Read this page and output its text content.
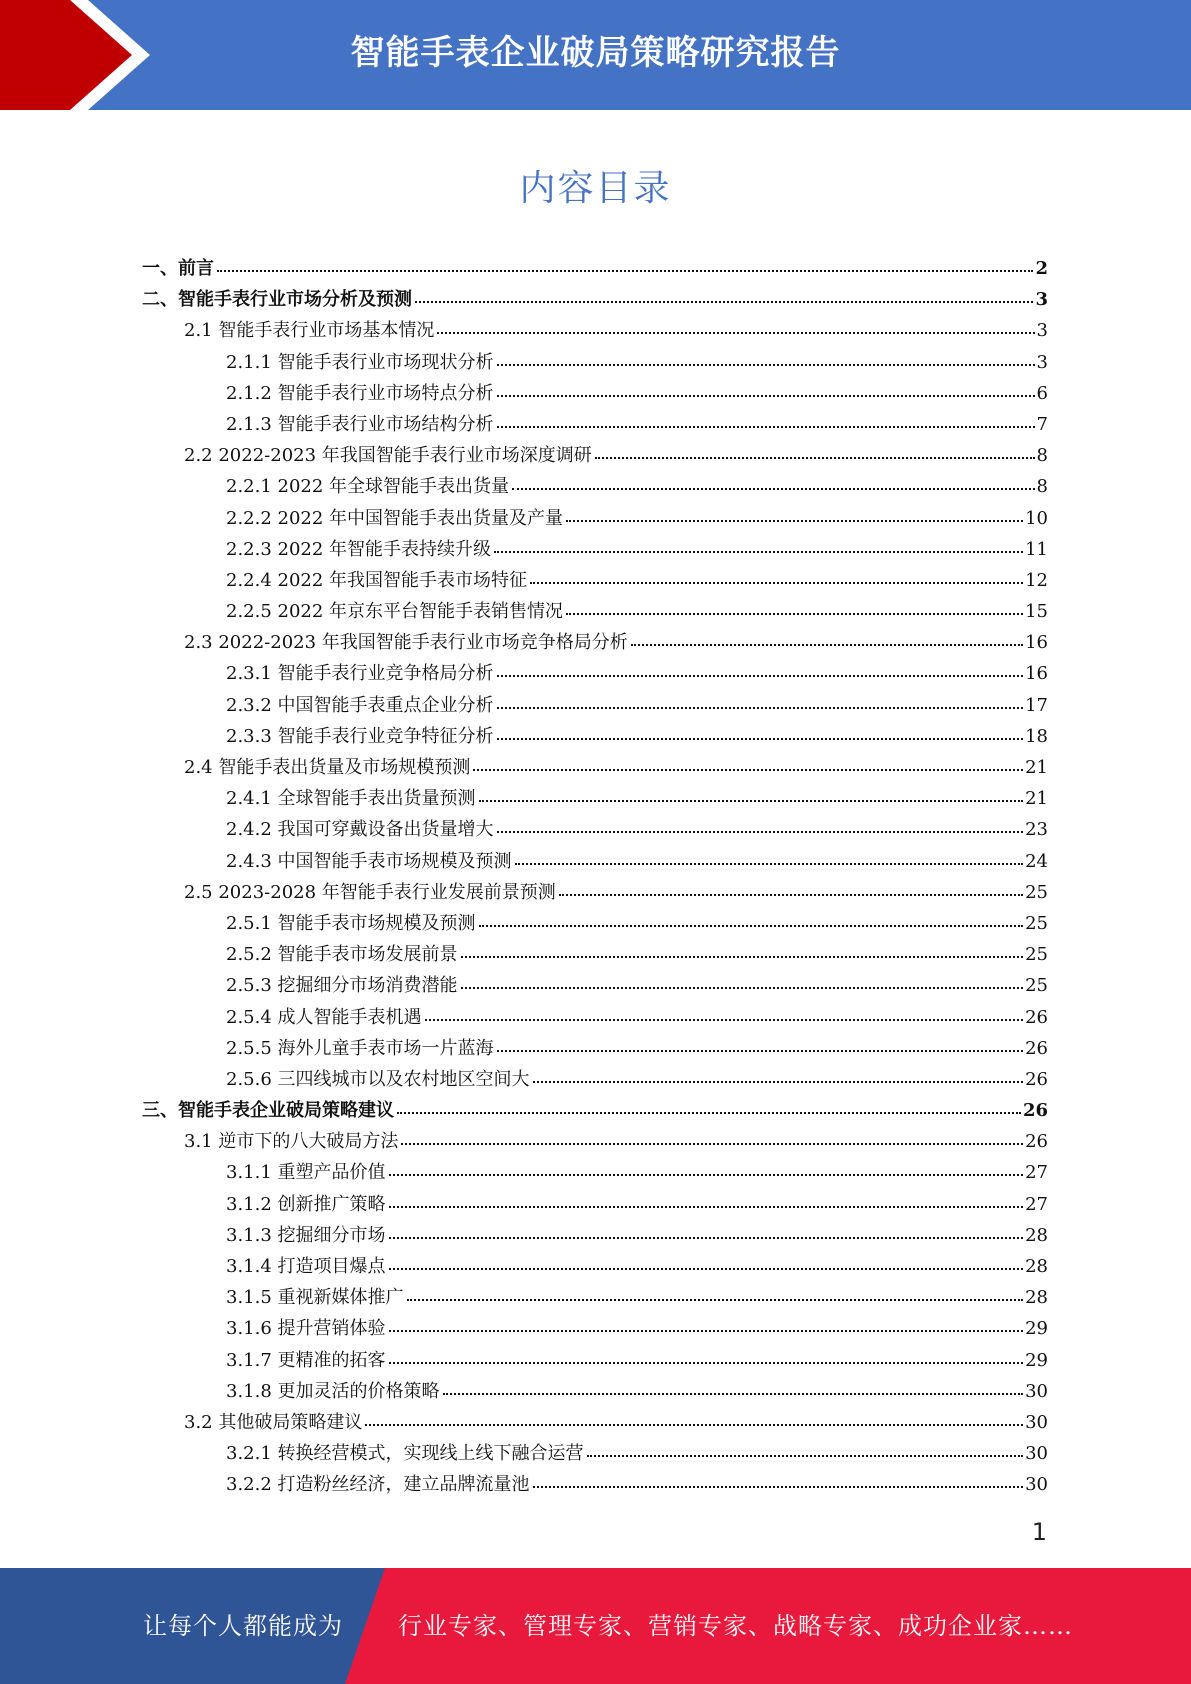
智能手表企业破局策略研究报告
内容目录
一、前言	2
二、智能手表行业市场分析及预测	3
2.1 智能手表行业市场基本情况	3
2.1.1 智能手表行业市场现状分析	3
2.1.2 智能手表行业市场特点分析	6
2.1.3 智能手表行业市场结构分析	7
2.2 2022-2023 年我国智能手表行业市场深度调研	8
2.2.1 2022 年全球智能手表出货量	8
2.2.2 2022 年中国智能手表出货量及产量	10
2.2.3 2022 年智能手表持续升级	11
2.2.4 2022 年我国智能手表市场特征	12
2.2.5 2022 年京东平台智能手表销售情况	15
2.3 2022-2023 年我国智能手表行业市场竞争格局分析	16
2.3.1 智能手表行业竞争格局分析	16
2.3.2 中国智能手表重点企业分析	17
2.3.3 智能手表行业竞争特征分析	18
2.4 智能手表出货量及市场规模预测	21
2.4.1 全球智能手表出货量预测	21
2.4.2 我国可穿戴设备出货量增大	23
2.4.3 中国智能手表市场规模及预测	24
2.5 2023-2028 年智能手表行业发展前景预测	25
2.5.1 智能手表市场规模及预测	25
2.5.2 智能手表市场发展前景	25
2.5.3 挖掘细分市场消费潜能	25
2.5.4 成人智能手表机遇	26
2.5.5 海外儿童手表市场一片蓝海	26
2.5.6 三四线城市以及农村地区空间大	26
三、智能手表企业破局策略建议	26
3.1 逆市下的八大破局方法	26
3.1.1 重塑产品价值	27
3.1.2 创新推广策略	27
3.1.3 挖掘细分市场	28
3.1.4 打造项目爆点	28
3.1.5 重视新媒体推广	28
3.1.6 提升营销体验	29
3.1.7 更精准的拓客	29
3.1.8 更加灵活的价格策略	30
3.2 其他破局策略建议	30
3.2.1 转换经营模式，实现线上线下融合运营	30
3.2.2 打造粉丝经济，建立品牌流量池	30
1
让每个人都能成为 行业专家、管理专家、营销专家、战略专家、成功企业家……
